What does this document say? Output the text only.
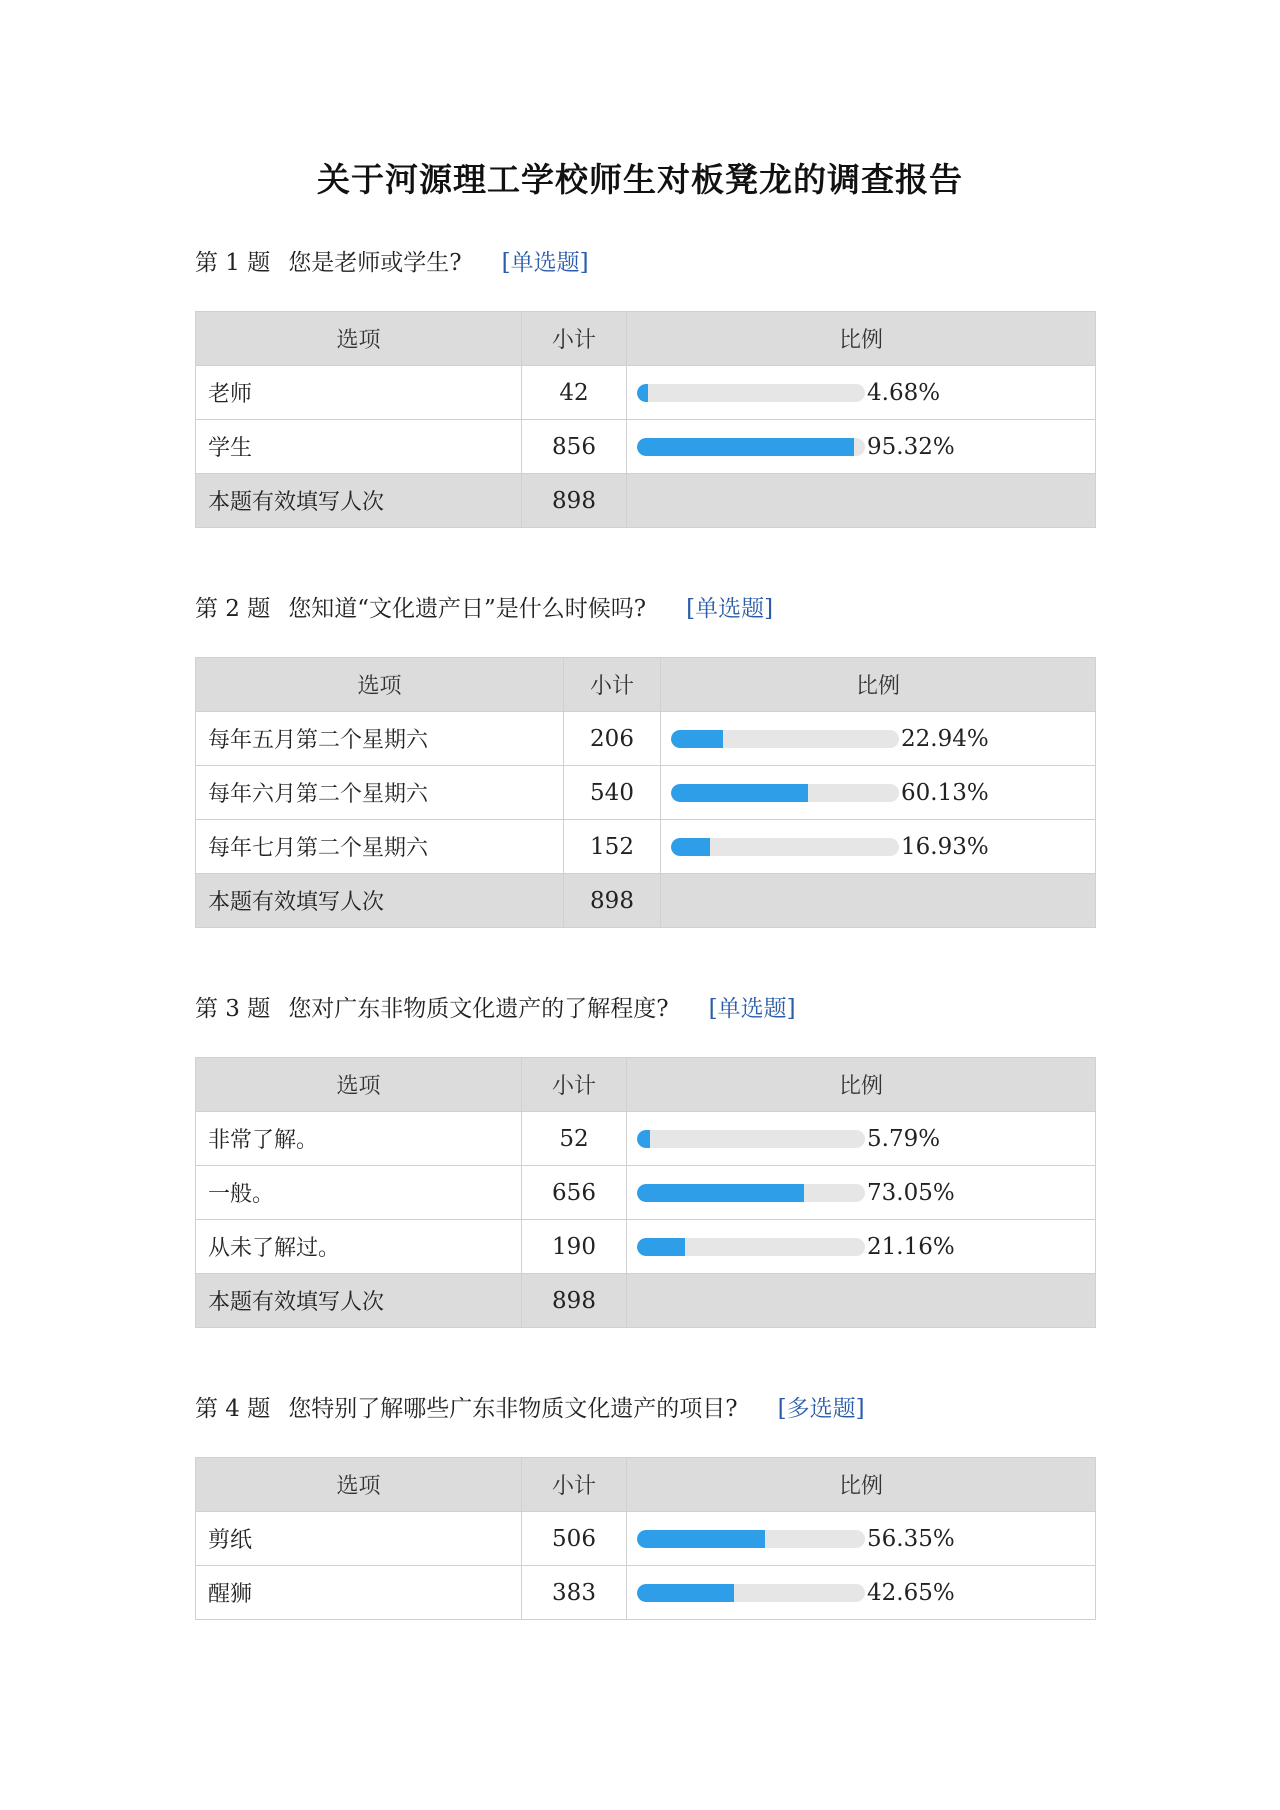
关于河源理工学校师生对板凳龙的调查报告
第 1 题 您是老师或学生? [单选题]
选项	小计	比例
老师	42	4.68%

学生	856	95.32%

本题有效填写人次	898	
第 2 题 您知道“文化遗产日”是什么时候吗? [单选题]
选项	小计	比例
每年五月第二个星期六	206	22.94%

每年六月第二个星期六	540	60.13%

每年七月第二个星期六	152	16.93%

本题有效填写人次	898	
第 3 题 您对广东非物质文化遗产的了解程度? [单选题]
选项	小计	比例
非常了解。	52	5.79%

一般。	656	73.05%

从未了解过。	190	21.16%

本题有效填写人次	898	
第 4 题 您特别了解哪些广东非物质文化遗产的项目? [多选题]
选项	小计	比例
剪纸	506	56.35%

醒狮	383	42.65%
